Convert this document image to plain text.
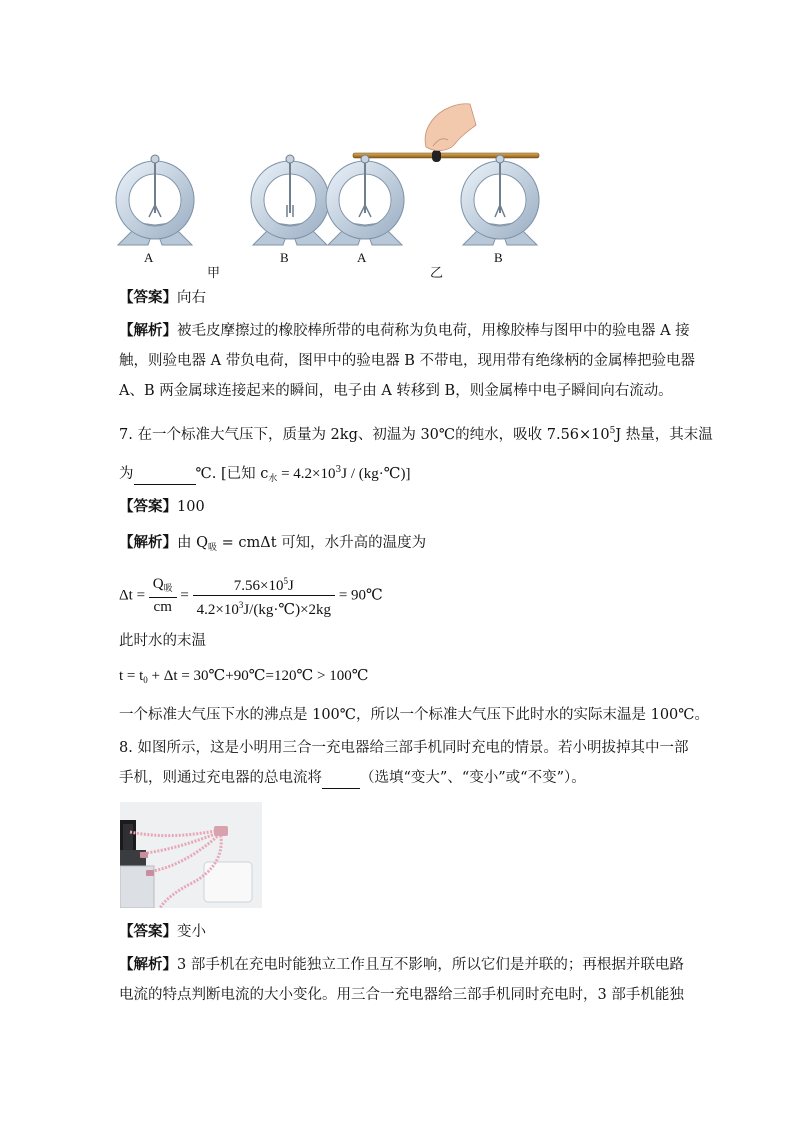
A
甲
B	A
乙
B
【答案】向右
【解析】被毛皮摩擦过的橡胶棒所带的电荷称为负电荷，用橡胶棒与图甲中的验电器 A 接
触，则验电器 A 带负电荷，图甲中的验电器 B 不带电，现用带有绝缘柄的金属棒把验电器
A、B 两金属球连接起来的瞬间，电子由 A 转移到 B，则金属棒中电子瞬间向右流动。
7. 在一个标准大气压下，质量为 2kg、初温为 30℃的纯水，吸收 $7.56\times 10^5J$ 热量，其末温
为	℃. [已知 $c_水 = 4.2\times 10^3J$ / (kg·℃)]
【答案】100
【解析】由 $Q_吸 = cm\Delta t$ 可知，水升高的温度为
$\Delta t = \frac{Q_吸}{cm} = \frac{7.56\times 10^5J}{4.2\times 10^3J/(kg\cdot℃)\times 2kg}$ = 90℃
此时水的末温
$t = t_0 + \Delta t$ = 30℃+90℃=120℃ > 100℃
一个标准大气压下水的沸点是 100℃，所以一个标准大气压下此时水的实际末温是 100℃。
8. 如图所示，这是小明用三合一充电器给三部手机同时充电的情景。若小明拔掉其中一部
手机，则通过充电器的总电流将	（选填“变大”、“变小”或“不变”）。
【答案】变小
【解析】3 部手机在充电时能独立工作且互不影响，所以它们是并联的；再根据并联电路
电流的特点判断电流的大小变化。用三合一充电器给三部手机同时充电时，3 部手机能独
